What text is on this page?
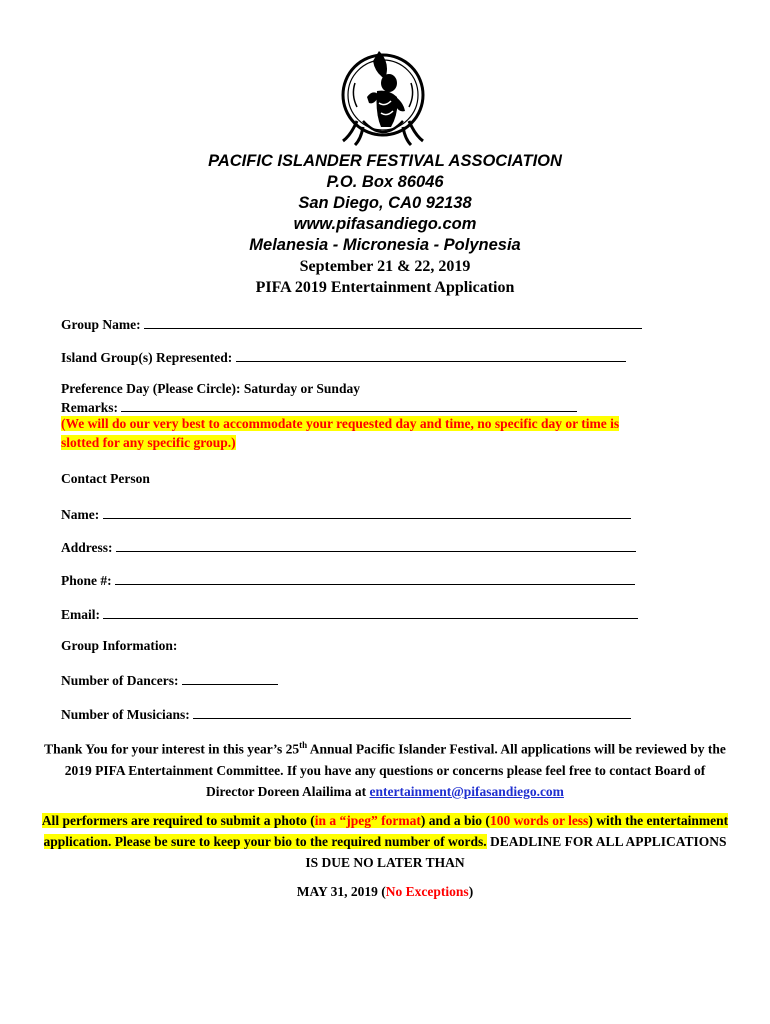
PACIFIC ISLANDER FESTIVAL ASSOCIATION
P.O. Box 86046
San Diego, CA0 92138
www.pifasandiego.com
Melanesia - Micronesia - Polynesia
September 21 & 22, 2019
PIFA 2019 Entertainment Application
Group Name:
Island Group(s) Represented:
Preference Day (Please Circle): Saturday or Sunday
Remarks:
(We will do our very best to accommodate your requested day and time, no specific day or time is
slotted for any specific group.)
Contact Person
Name:
Address:
Phone #:
Email:
Group Information:
Number of Dancers:
Number of Musicians:
Thank You for your interest in this year’s 25th Annual Pacific Islander Festival. All applications will be reviewed by the 2019 PIFA Entertainment Committee. If you have any questions or concerns please feel free to contact Board of Director Doreen Alailima at entertainment@pifasandiego.com
All performers are required to submit a photo (in a “jpeg” format) and a bio (100 words or less) with the entertainment application. Please be sure to keep your bio to the required number of words. DEADLINE FOR ALL APPLICATIONS IS DUE NO LATER THAN
MAY 31, 2019 (No Exceptions)
